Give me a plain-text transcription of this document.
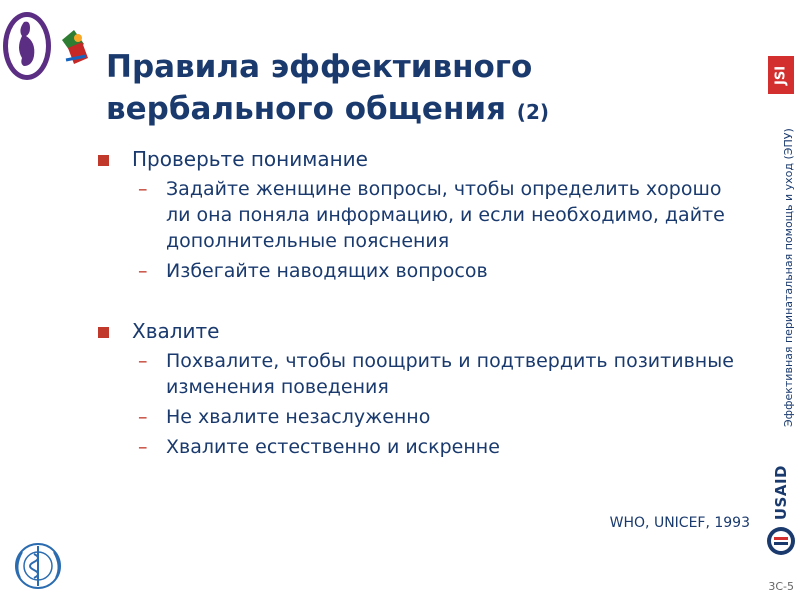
Правила эффективного
вербального общения (2)
Проверьте понимание
– Задайте женщине вопросы, чтобы определить хорошо ли она поняла информацию, и если необходимо, дайте дополнительные пояснения
– Избегайте наводящих вопросов
Хвалите
– Похвалите, чтобы поощрить и подтвердить позитивные изменения поведения
– Не хвалите незаслуженно
– Хвалите естественно и искренне
WHO, UNICEF, 1993
JSI
Эффективная перинатальная помощь и уход (ЭПУ)
USAID
3С-5
